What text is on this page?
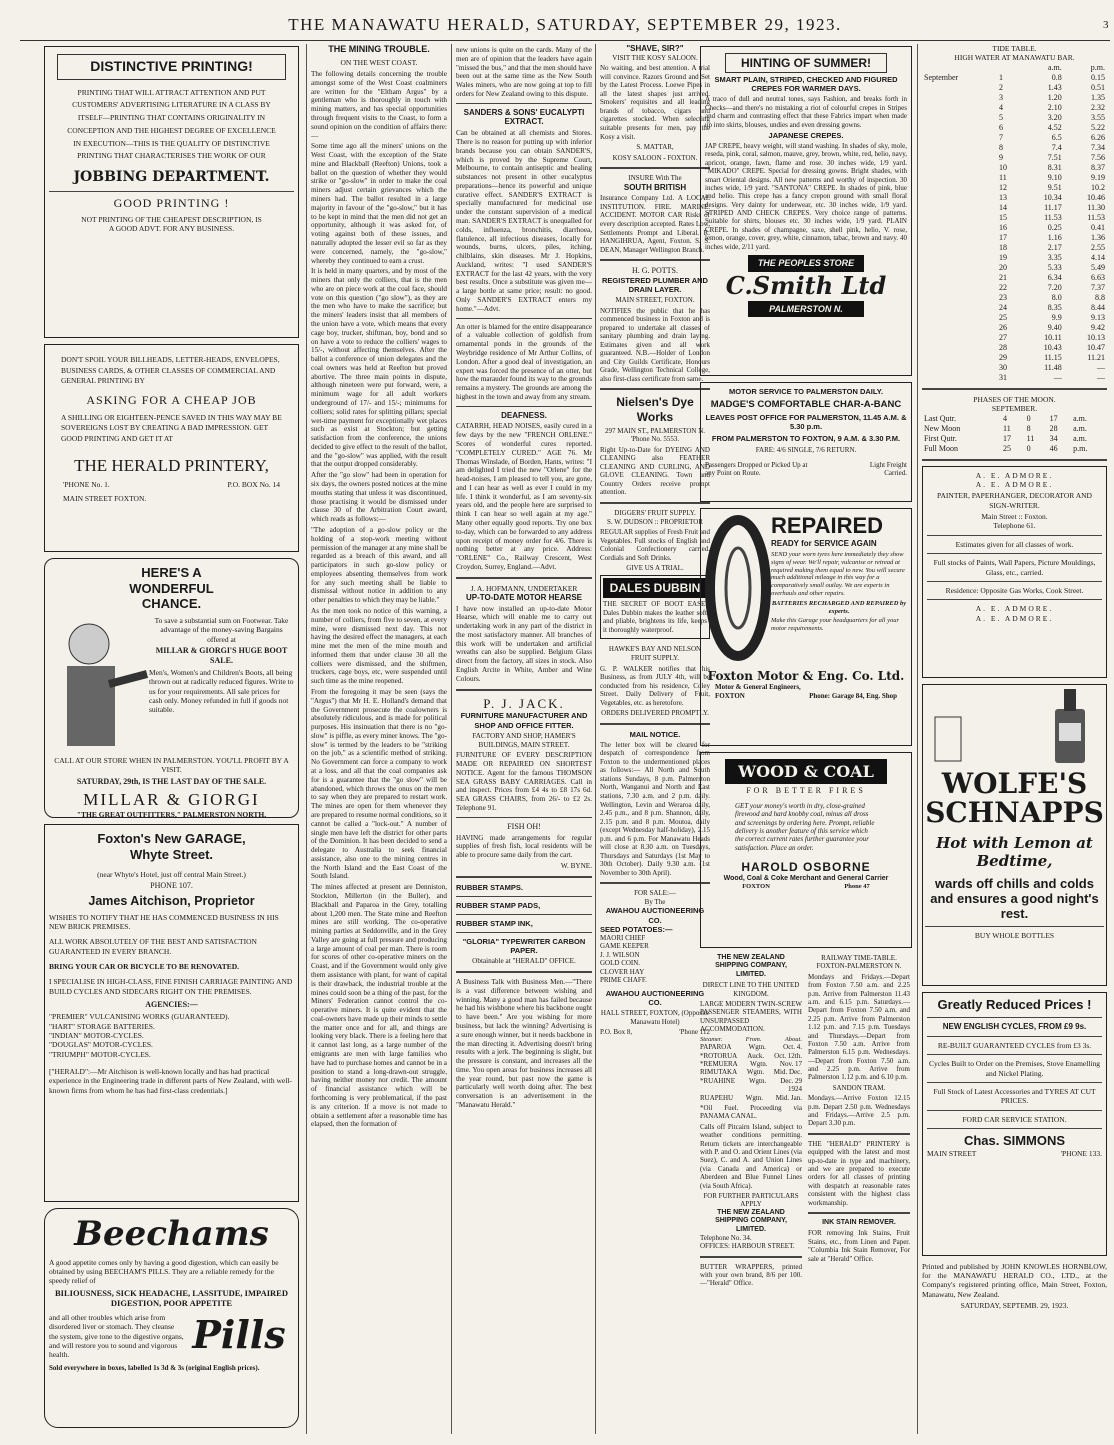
THE MANAWATU HERALD, SATURDAY, SEPTEMBER 29, 1923.	3
DISTINCTIVE PRINTING!

PRINTING THAT WILL ATTRACT ATTENTION AND PUT CUSTOMERS' ADVERTISING LITERATURE IN A CLASS BY ITSELF—PRINTING THAT CONTAINS ORIGINALITY IN CONCEPTION AND THE HIGHEST DEGREE OF EXCELLENCE IN EXECUTION—THIS IS THE QUALITY OF DISTINCTIVE PRINTING THAT CHARACTERISES THE WORK OF OUR

JOBBING DEPARTMENT.
GOOD PRINTING !

NOT PRINTING OF THE CHEAPEST DESCRIPTION, IS A GOOD ADVT. FOR ANY BUSINESS.

DON'T SPOIL YOUR BILLHEADS, LETTER-HEADS, ENVELOPES, BUSINESS CARDS, & OTHER CLASSES OF COMMERCIAL AND GENERAL PRINTING BY

ASKING FOR A CHEAP JOB

A SHILLING OR EIGHTEEN-PENCE SAVED IN THIS WAY MAY BE SOVEREIGNS LOST BY CREATING A BAD IMPRESSION. GET GOOD PRINTING AND GET IT AT

THE HERALD PRINTERY,
'PHONE No. 1.	P.O. BOX No. 14
MAIN STREET FOXTON.
HERE'S A WONDERFUL CHANCE.

To save a substantial sum on Footwear. Take advantage of the money-saving Bargains offered at

MILLAR & GIORGI'S HUGE BOOT SALE.

Men's, Women's and Children's Boots, all being thrown out at radically reduced figures. Write to us for your requirements. All sale prices for cash only. Money refunded in full if goods not suitable.

CALL AT OUR STORE WHEN IN PALMERSTON. YOU'LL PROFIT BY A VISIT.

SATURDAY, 29th, IS THE LAST DAY OF THE SALE.

MILLAR & GIORGI
"THE GREAT OUTFITTERS," PALMERSTON NORTH.
Foxton's New GARAGE, Whyte Street.

(near Whyte's Hotel, just off central Main Street.)

PHONE 107.

James Aitchison, Proprietor

WISHES TO NOTIFY THAT HE HAS COMMENCED BUSINESS IN HIS NEW BRICK PREMISES.

ALL WORK ABSOLUTELY OF THE BEST AND SATISFACTION GUARANTEED IN EVERY BRANCH.

BRING YOUR CAR OR BICYCLE TO BE RENOVATED.

I SPECIALISE IN HIGH-CLASS, FINE FINISH CARRIAGE PAINTING AND BUILD CYCLES AND SIDECARS RIGHT ON THE PREMISES.

AGENCIES:—

"PREMIER" VULCANISING WORKS (GUARANTEED).
"HART" STORAGE BATTERIES.
"INDIAN" MOTOR-CYCLES.
"DOUGLAS" MOTOR-CYCLES.
"TRIUMPH" MOTOR-CYCLES.

["HERALD":—Mr Aitchison is well-known locally and has had practical experience in the Engineering trade in different parts of New Zealand, with well-known firms from whom he has had first-class credentials.]

Beechams

A good appetite comes only by having a good digestion, which can easily be obtained by using BEECHAM'S PILLS. They are a reliable remedy for the speedy relief of

BILIOUSNESS, SICK HEADACHE, LASSITUDE, IMPAIRED DIGESTION, POOR APPETITE

and all other troubles which arise from disordered liver or stomach. They cleanse the system, give tone to the digestive organs, and will restore you to sound and vigorous health.	Pills

Sold everywhere in boxes, labelled 1s 3d & 3s (original English prices).

THE MINING TROUBLE.
ON THE WEST COAST.

The following details concerning the trouble amongst some of the West Coast coalminers are written for the "Eltham Argus" by a gentleman who is thoroughly in touch with mining matters, and has special opportunities through frequent visits to the Coast, to form a sound opinion on the condition of affairs there:—

Some time ago all the miners' unions on the West Coast, with the exception of the State mine and Blackball (Reefton) Unions, took a ballot on the question of whether they would strike or "go-slow" in order to make the coal miners adjust certain grievances which the miners had. The ballot resulted in a large majority in favour of the "go-slow," but it has to be kept in mind that the men did not get an opportunity, although it was asked for, of voting against both of these issues, and naturally adopted the lesser evil so far as they were concerned, namely, the "go-slow," whereby they continued to earn a crust.

It is held in many quarters, and by most of the miners that only the colliers, that is the men who are on piece work at the coal face, should vote on this question ("go slow"), as they are the men who have to make the sacrifice; but the miners' leaders insist that all members of the union have a vote, which means that every cage boy, trucker, shiftman, boy, bond and so on have a vote to reduce the colliers' wages to 15/-, without affecting themselves. After the ballot a conference of union delegates and the coal owners was held at Reefton but proved abortive. The three main points in dispute, although nineteen were put forward, were, a minimum wage for all adult workers underground of 17/- and 15/-; minimums for colliers; solid rates for splitting pillars; special wet-time payment for exceptionally wet places such as exist at Stockton; but getting satisfaction from the conference, the unions decided to give effect to the result of the ballot, and the "go-slow" was applied, with the result that the output dropped considerably.

After the "go slow" had been in operation for six days, the owners posted notices at the mine mouths stating that unless it was discontinued, those practising it would be dismissed under clause 30 of the Arbitration Court award, which reads as follows:—

"The adoption of a go-slow policy or the holding of a stop-work meeting without permission of the manager at any mine shall be regarded as a breach of this award, and all participators in such go-slow policy or employees absenting themselves from work for any such meeting shall be liable to dismissal without notice in addition to any other penalties to which they may be liable."

As the men took no notice of this warning, a number of colliers, from five to seven, at every mine, were dismissed next day. This not having the desired effect the managers, at each mine met the men of the mine mouth and informed them that under clause 30 all the colliers were dismissed, and the shiftmen, truckers, cage boys, etc, were suspended until such time as the mine reopened.

From the foregoing it may be seen (says the "Argus") that Mr H. E. Holland's demand that the Government prosecute the coalowners is absolutely ridiculous, and is made for political purposes. His insinuation that there is no "go-slow" is piffle, as every miner knows. The "go-slow" is termed by the leaders to be "striking on the job," as a scientific method of striking. No Government can force a company to work at a loss, and all that the coal companies ask for is a guarantee that the "go slow" will be abandoned, which throws the onus on the men to say when they are prepared to restart work. The mines are open for them whenever they are prepared to resume normal conditions, so it cannot be called a "lock-out." A number of single men have left the district for other parts of the Dominion. It has been decided to send a delegate to Australia to seek financial assistance, also one to the mining centres in the North Island and the East Coast of the South Island.

The mines affected at present are Denniston, Stockton, Millerton (in the Buller), and Blackball and Paparoa in the Grey, totalling about 1,200 men. The State mine and Reefton mines are still working. The co-operative mining parties at Seddonville, and in the Grey Valley are going at full pressure and producing a large amount of coal per man. There is room for scores of other co-operative miners on the Coast, and if the Government would only give them assistance with plant, for want of capital is their drawback, the industrial trouble at the mines could soon be a thing of the past, for the Miners' Federation cannot control the co-operative miners. It is quite evident that the coal-owners have made up their minds to settle the matter once and for all, and things are looking very black. There is a feeling here that it cannot last long, as a large number of the emigrants are men with large families who have had to purchase homes and cannot be in a position to stand a long-drawn-out struggle, having neither money nor credit. The amount of financial assistance which will be forthcoming is very problematical, if the past is any criterion. If a move is not made to obtain a settlement after a reasonable time has elapsed, then the formation of

new unions is quite on the cards. Many of the men are of opinion that the leaders have again "missed the bus," and that the men should have been out at the same time as the New South Wales miners, who are now going at top to fill orders for New Zealand owing to this dispute.

SANDERS & SONS' EUCALYPTI EXTRACT.

Can be obtained at all chemists and Stores. There is no reason for putting up with inferior brands because you can obtain SANDER'S, which is proved by the Supreme Court, Melbourne, to contain antiseptic and healing substances not present in other eucalyptus preparations—hence its powerful and unique curative effect. SANDER'S EXTRACT is specially manufactured for medicinal use under the constant supervision of a medical man. SANDER'S EXTRACT is unequalled for colds, influenza, bronchitis, diarrhoea, flatulence, all infectious diseases, locally for wounds, burns, ulcers, piles, itching, chilblains, skin diseases. Mr J. Hopkins, Auckland, writes: "I used SANDER'S EXTRACT for the last 42 years, with the very best results. Once a substitute was given me—a large bottle at same price; result: no good. Only SANDER'S EXTRACT enters my home."—Advt.

An otter is blamed for the entire disappearance of a valuable collection of goldfish from ornamental ponds in the grounds of the Weybridge residence of Mr Arthur Collins, of London. After a good deal of investigation, an expert was forced the presence of an otter, but how the marauder found its way to the grounds remains a mystery. The grounds are among the highest in the town and away from any stream.

DEAFNESS.

CATARRH, HEAD NOISES, easily cured in a few days by the new "FRENCH ORLENE." Scores of wonderful cures reported. "COMPLETELY CURED." AGE 76. Mr Thomas Winslade, of Borden, Hants, writes: "I am delighted I tried the new "Orlene" for the head-noises, I am pleased to tell you, are gone, and I can hear as well as ever I could in my life. I think it wonderful, as I am seventy-six years old, and the people here are surprised to think I can hear so well again at my age." Many other equally good reports. Try one box to-day, which can be forwarded to any address upon receipt of money order for 4/6. There is nothing better at any price. Address: "ORLENE" Co., Railway Crescent, West Croydon, Surrey, England.—Advt.

J. A. HOFMANN, UNDERTAKER
UP-TO-DATE MOTOR HEARSE

I have now installed an up-to-date Motor Hearse, which will enable me to carry out undertaking work in any part of the district in the most satisfactory manner. All branches of this work will be undertaken and artificial wreaths can also be supplied. Belgium Glass direct from the factory, all sizes in stock. Also English Arcite in White, Amber and Wine Colours.

P. J. JACK.
FURNITURE MANUFACTURER AND SHOP AND OFFICE FITTER.

FACTORY AND SHOP, HAMER'S BUILDINGS, MAIN STREET.

FURNITURE OF EVERY DESCRIPTION MADE OR REPAIRED ON SHORTEST NOTICE. Agent for the famous THOMSON SEA GRASS BABY CARRIAGES. Call in and inspect. Prices from £4 4s to £8 17s 6d. SEA GRASS CHAIRS, from 26/- to £2 2s. Telephone 91.

FISH OH!

HAVING made arrangements for regular supplies of fresh fish, local residents will be able to procure same daily from the cart.

W. BYNE.

RUBBER STAMPS.
RUBBER STAMP PADS,
RUBBER STAMP INK,
"GLORIA" TYPEWRITER CARBON PAPER.

Obtainable at "HERALD" OFFICE.

A Business Talk with Business Men.—"There is a vast difference between wishing and winning. Many a good man has failed because he had his wishbone where his backbone ought to have been." Are you wishing for more business, but lack the winning? Advertising is a sure enough winner, but it needs backbone in the man directing it. Advertising doesn't bring results with a jerk. The beginning is slight, but the pressure is constant, and increases all the time. You open areas for business increases all the year round, but past now the game is particularly well worth doing after. The best conversation is an advertisement in the "Manawatu Herald."

"SHAVE, SIR?"
VISIT THE KOSY SALOON.

No waiting, and best attention. A trial will convince. Razors Ground and Set by the Latest Process. Loewe Pipes in all the latest shapes just arrived. Smokers' requisites and all leading brands of tobacco, cigars and cigarettes stocked. When selecting suitable presents for men, pay the Kosy a visit.

S. MATTAR,

KOSY SALOON - FOXTON.

INSURE With The
SOUTH BRITISH

Insurance Company Ltd. A LOCAL INSTITUTION. FIRE. MARINE. ACCIDENT. MOTOR CAR Risks of every description accepted. Rates Low, Settlements Prompt and Liberal. R. HANGIHRUA, Agent, Foxton. S. S. DEAN, Manager Wellington Branch.

H. G. POTTS.
REGISTERED PLUMBER AND DRAIN LAYER.

MAIN STREET, FOXTON.

NOTIFIES the public that he has commenced business in Foxton and is prepared to undertake all classes of sanitary plumbing and drain laying. Estimates given and all work guaranteed. N.B.—Holder of London and City Guilds Certificate, Honours Grade, Wellington Technical College, also first-class certificate from same.

Nielsen's Dye Works

297 MAIN ST., PALMERSTON N. 'Phone No. 5553.

Right Up-to-Date for DYEING AND CLEANING also FEATHER CLEANING AND CURLING, AND GLOVE CLEANING. Town and Country Orders receive prompt attention.

DIGGERS' FRUIT SUPPLY.
S. W. DUDSON :: PROPRIETOR

REGULAR supplies of Fresh Fruit and Vegetables. Full stocks of English and Colonial Confectionery carried. Cordials and Soft Drinks.

GIVE US A TRIAL.
DALES DUBBIN

THE SECRET OF BOOT EASE. Dales Dubbin makes the leather soft and pliable, brightens its life, keeps it thoroughly waterproof.

HAWKE'S BAY AND NELSON FRUIT SUPPLY.

G. P. WALKER notifies that his Business, as from JULY 4th, will be conducted from his residence, Coley Street. Daily Delivery of Fruit, Vegetables, etc. as heretofore.

ORDERS DELIVERED PROMPTLY.
MAIL NOTICE.

The letter box will be cleared for despatch of correspondence from Foxton to the undermentioned places as follows:— All North and South stations Sundays, 8 p.m. Palmerston North, Wanganui and North and East stations, 7.30 a.m. and 2 p.m. daily. Wellington, Levin and Weraroa daily, 2.45 p.m., and 8 p.m. Shannon, daily, 2.15 p.m. and 8 p.m. Moutoa, daily (except Wednesday half-holiday), 2.15 p.m. and 6 p.m. For Manawatu Heads will close at 8.30 a.m. on Tuesdays, Thursdays and Saturdays (1st May to 30th October). Daily 9.30 a.m. (1st November to 30th April).

FOR SALE:—
By The
AWAHOU AUCTIONEERING CO.
SEED POTATOES:—
MAORI CHIEF
GAME KEEPER
J. J. WILSON
GOLD COIN.
CLOVER HAY
PRIME CHAFF.
AWAHOU AUCTIONEERING CO.

HALL STREET, FOXTON, (Opposite Manawatu Hotel)

P.O. Box 8,	'Phone 112
HINTING OF SUMMER!
SMART PLAIN, STRIPED, CHECKED AND FIGURED CREPES FOR WARMER DAYS.

A traco of dull and neutral tones, says Fashion, and breaks forth in Checks—and there's no mistaking a riot of colourful crepes in Stripes and charm and contrasting effect that these Fabrics impart when made up into skirts, blouses, undies and even dressing gowns.

JAPANESE CREPES.

JAP CREPE, heavy weight, will stand washing. In shades of sky, mole, reseda, pink, coral, salmon, mauve, grey, brown, white, red, helio, navy, apricot, orange, fawn, flame and rose. 30 inches wide, 1/9 yard. "MIKADO" CREPE. Special for dressing gowns. Bright shades, with smart Oriental designs. All new patterns and worthy of inspection. 30 inches wide, 1/9 yard. "SANTONA" CREPE. In shades of pink, blue and helio. This crepe has a fancy crepon ground with small floral designs. Very dainty for underwear, etc. 30 inches wide, 1/9 yard. STRIPED AND CHECK CREPES. Very choice range of patterns. Suitable for shirts, blouses etc. 30 inches wide, 1/9 yard. PLAIN CREPE. In shades of champagne, saxe, shell pink, helio, V. rose, lemon, orange, cover, grey, white, cinnamon, tabac, brown and navy. 40 inches wide, 2/11 yard.

THE PEOPLES STORE
C.Smith Ltd
PALMERSTON N.
MOTOR SERVICE TO PALMERSTON DAILY.
MADGE'S COMFORTABLE CHAR-A-BANC
LEAVES POST OFFICE FOR PALMERSTON, 11.45 A.M. & 5.30 p.m.
FROM PALMERSTON TO FOXTON, 9 A.M. & 3.30 P.M.
FARE: 4/6 SINGLE, 7/6 RETURN.
Passengers Dropped or Picked Up at any Point on Route.
Light Freight Carried.
REPAIRED
READY for SERVICE AGAIN

SEND your worn tyres here immediately they show signs of wear. We'll repair, vulcanise or retread at required making them equal to new. You will secure much additional mileage in this way for a comparatively small outlay. We are experts in overhauls and other repairs.

BATTERIES RECHARGED AND REPAIRED by experts.

Make this Garage your headquarters for all your motor requirements.

Foxton Motor & Eng. Co. Ltd.
Motor & General Engineers,
FOXTON	Phone: Garage 84, Eng. Shop
WOOD & COAL
FOR BETTER FIRES

GET your money's worth in dry, close-grained firewood and hard knobby coal, minus all dross and screenings by ordering here. Prompt, reliable delivery is another feature of this service which the correct current rates further guarantee your satisfaction. Place an order.

HAROLD OSBORNE
Wood, Coal & Coke Merchant and General Carrier
FOXTON	Phone 47
THE NEW ZEALAND SHIPPING COMPANY, LIMITED.

DIRECT LINE TO THE UNITED KINGDOM.

LARGE MODERN TWIN-SCREW PASSENGER STEAMERS, WITH UNSURPASSED ACCOMMODATION.

Steamer.	From.	About.
PAPAROA Wgtn. Oct. 4.
*ROTORUA Auck. Oct. 12th.
*REMUERA Wgtn. Nov. 17
RIMUTAKA Wgtn. Mid. Dec.
*RUAHINE Wgtn. Dec. 29
1924
RUAPEHU Wgtn. Mid. Jan.

*Oil Fuel. Proceeding via PANAMA CANAL.

Calls off Pitcairn Island, subject to weather conditions permitting. Return tickets are interchangeable with P. and O. and Orient Lines (via Suez), C. and A. and Union Lines (via Canada and America) or Aberdeen and Blue Funnel Lines (via South Africa).

FOR FURTHER PARTICULARS APPLY
THE NEW ZEALAND SHIPPING COMPANY, LIMITED.
Telephone No. 34.
OFFICES: HARBOUR STREET.

BUTTER WRAPPERS, printed with your own brand, 8/6 per 100. —"Herald" Office.

RAILWAY TIME-TABLE.
FOXTON-PALMERSTON N.

Mondays and Fridays.—Depart from Foxton 7.50 a.m. and 2.25 p.m. Arrive from Palmerston 11.43 a.m. and 6.15 p.m. Saturdays.—Depart from Foxton 7.50 a.m. and 2.25 p.m. Arrive from Palmerston 1.12 p.m. and 7.15 p.m. Tuesdays and Thursdays.—Depart from Foxton 7.50 a.m. Arrive from Palmerston 6.15 p.m. Wednesdays.—Depart from Foxton 7.50 a.m. and 2.25 p.m. Arrive from Palmerston 1.12 p.m. and 6.10 p.m.

SANDON TRAM.

Mondays.—Arrive Foxton 12.15 p.m. Depart 2.50 p.m. Wednesdays and Fridays.—Arrive 2.5 p.m. Depart 3.30 p.m.

THE "HERALD" PRINTERY is equipped with the latest and most up-to-date in type and machinery, and we are prepared to execute orders for all classes of printing with despatch at reasonable rates consistent with the highest class workmanship.

INK STAIN REMOVER.

FOR removing Ink Stains, Fruit Stains, etc., from Linen and Paper. "Columbia Ink Stain Remover, For sale at "Herald" Office.

TIDE TABLE.
HIGH WATER AT MANAWATU BAR.
		a.m.	p.m.
September	1	0.8	0.15
	2	1.43	0.51
	3	1.20	1.35
	4	2.10	2.32
	5	3.20	3.55
	6	4.52	5.22
	7	6.5	6.26
	8	7.4	7.34
	9	7.51	7.56
	10	8.31	8.37
	11	9.10	9.19
	12	9.51	10.2
	13	10.34	10.46
	14	11.17	11.30
	15	11.53	11.53
	16	0.25	0.41
	17	1.16	1.36
	18	2.17	2.55
	19	3.35	4.14
	20	5.33	5.49
	21	6.34	6.63
	22	7.20	7.37
	23	8.0	8.8
	24	8.35	8.44
	25	9.9	9.13
	26	9.40	9.42
	27	10.11	10.13
	28	10.43	10.47
	29	11.15	11.21
	30	11.48	—
	31	—	—
PHASES OF THE MOON.
SEPTEMBER.
Last Qutr.	4	0	17	a.m.
New Moon	11	8	28	a.m.
First Qutr.	17	11	34	a.m.
Full Moon	25	0	46	p.m.
A. E. ADMORE.
A. E. ADMORE.

PAINTER, PAPERHANGER, DECORATOR AND SIGN-WRITER.

Main Street :: Foxton.
Telephone 61.

Estimates given for all classes of work.

Full stocks of Paints, Wall Papers, Picture Mouldings, Glass, etc., carried.

Residence: Opposite Gas Works, Cook Street.

A. E. ADMORE.
A. E. ADMORE.
WOLFE'S SCHNAPPS
Hot with Lemon at Bedtime,
wards off chills and colds and ensures a good night's rest.
BUY WHOLE BOTTLES
Greatly Reduced Prices !
NEW ENGLISH CYCLES, FROM £9 9s.
RE-BUILT GUARANTEED CYCLES from £3 3s.

Cycles Built to Order on the Premises, Stove Enamelling and Nickel Plating.

Full Stock of Latest Accessories and TYRES AT CUT PRICES.

FORD CAR SERVICE STATION.
Chas. SIMMONS
MAIN STREET	'PHONE 133.

Printed and published by JOHN KNOWLES HORNBLOW, for the MANAWATU HERALD CO., LTD., at the Company's registered printing office, Main Street, Foxton, Manawatu, New Zealand.

SATURDAY, SEPTEMB. 29, 1923.
